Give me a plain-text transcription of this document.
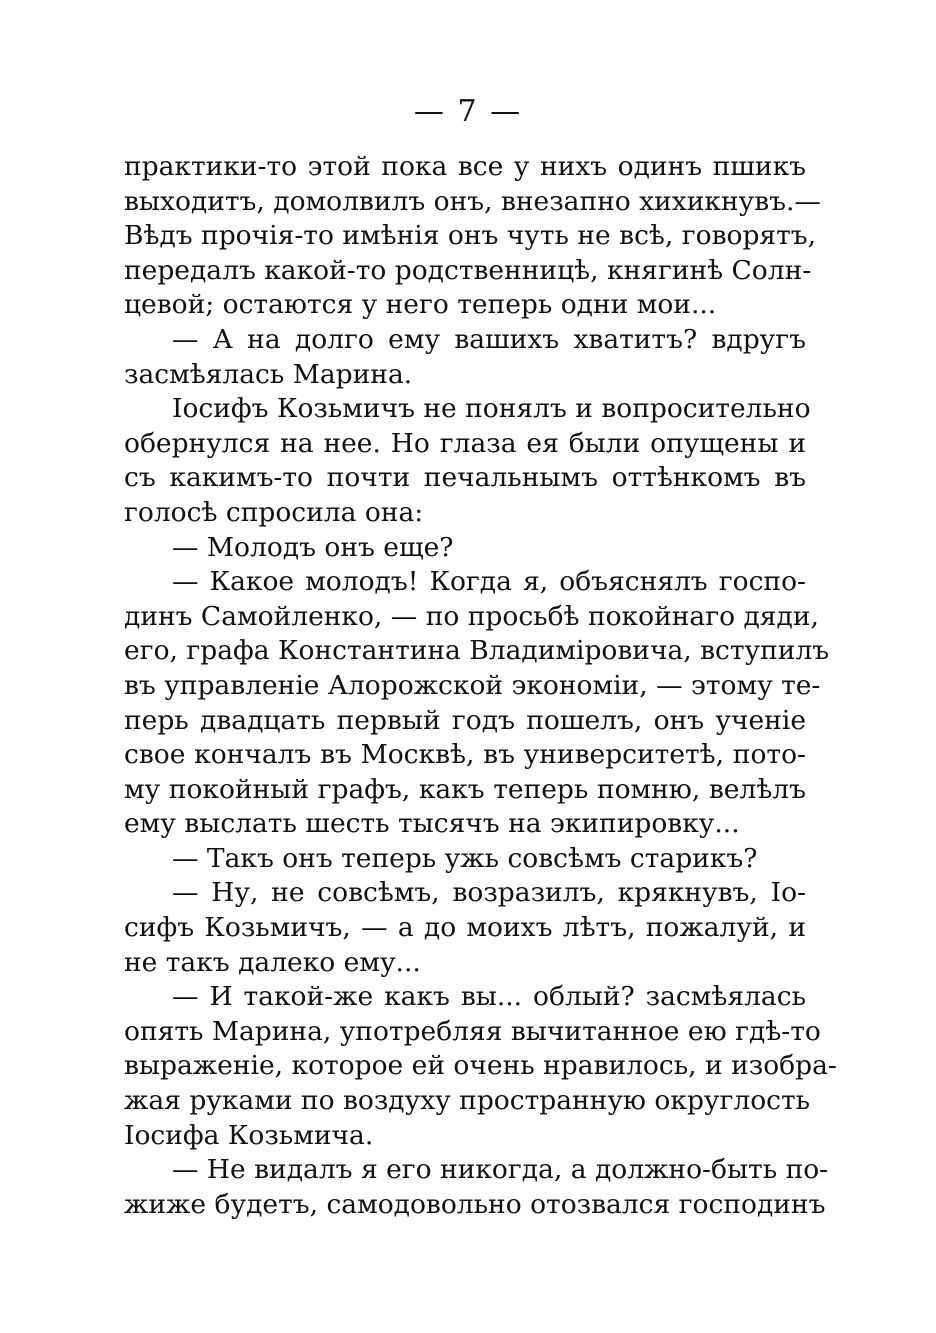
— 7 —
практики-то этой пока все у нихъ одинъ пшикъ
выходитъ, домолвилъ онъ, внезапно хихикнувъ.—
Вѣдъ прочія-то имѣнія онъ чуть не всѣ, говорятъ,
передалъ какой-то родственницѣ, княгинѣ Солн-
цевой; остаются у него теперь одни мои...
— А на долго ему вашихъ хватитъ? вдругъ
засмѣялась Марина.
Іосифъ Козьмичъ не понялъ и вопросительно
обернулся на нее. Но глаза ея были опущены и
съ какимъ-то почти печальнымъ оттѣнкомъ въ
голосѣ спросила она:
— Молодъ онъ еще?
— Какое молодъ! Когда я, объяснялъ госпо-
динъ Самойленко, — по просьбѣ покойнаго дяди,
его, графа Константина Владиміровича, вступилъ
въ управленіе Алорожской экономіи, — этому те-
перь двадцать первый годъ пошелъ, онъ ученіе
свое кончалъ въ Москвѣ, въ университетѣ, пото-
му покойный графъ, какъ теперь помню, велѣлъ
ему выслать шесть тысячъ на экипировку...
— Такъ онъ теперь ужь совсѣмъ старикъ?
— Ну, не совсѣмъ, возразилъ, крякнувъ, Іо-
сифъ Козьмичъ, — а до моихъ лѣтъ, пожалуй, и
не такъ далеко ему...
— И такой-же какъ вы... облый? засмѣялась
опять Марина, употребляя вычитанное ею гдѣ-то
выраженіе, которое ей очень нравилось, и изобра-
жая руками по воздуху пространную округлость
Іосифа Козьмича.
— Не видалъ я его никогда, а должно-быть по-
жиже будетъ, самодовольно отозвался господинъ
